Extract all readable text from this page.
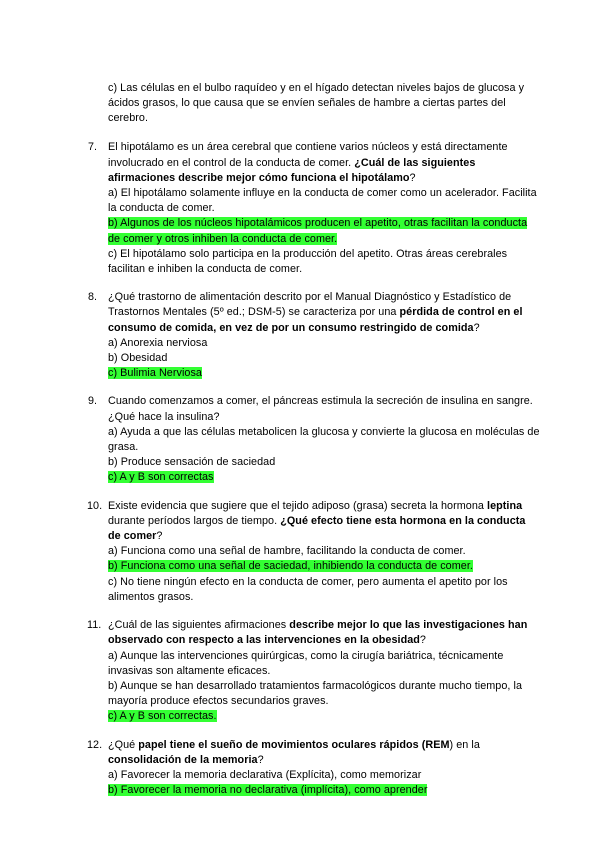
c) Las células en el bulbo raquídeo y en el hígado detectan niveles bajos de glucosa y ácidos grasos, lo que causa que se envíen señales de hambre a ciertas partes del cerebro.

7. El hipotálamo es un área cerebral que contiene varios núcleos y está directamente involucrado en el control de la conducta de comer. ¿Cuál de las siguientes afirmaciones describe mejor cómo funciona el hipotálamo?

a) El hipotálamo solamente influye en la conducta de comer como un acelerador. Facilita la conducta de comer.

b) Algunos de los núcleos hipotalámicos producen el apetito, otras facilitan la conducta de comer y otros inhiben la conducta de comer.

c) El hipotálamo solo participa en la producción del apetito. Otras áreas cerebrales facilitan e inhiben la conducta de comer.

8. ¿Qué trastorno de alimentación descrito por el Manual Diagnóstico y Estadístico de Trastornos Mentales (5º ed.; DSM-5) se caracteriza por una pérdida de control en el consumo de comida, en vez de por un consumo restringido de comida?

a) Anorexia nerviosa

b) Obesidad

c) Bulimia Nerviosa

9. Cuando comenzamos a comer, el páncreas estimula la secreción de insulina en sangre. ¿Qué hace la insulina?

a) Ayuda a que las células metabolicen la glucosa y convierte la glucosa en moléculas de grasa.

b) Produce sensación de saciedad

c) A y B son correctas

10. Existe evidencia que sugiere que el tejido adiposo (grasa) secreta la hormona leptina durante períodos largos de tiempo. ¿Qué efecto tiene esta hormona en la conducta de comer?

a) Funciona como una señal de hambre, facilitando la conducta de comer.

b) Funciona como una señal de saciedad, inhibiendo la conducta de comer.

c) No tiene ningún efecto en la conducta de comer, pero aumenta el apetito por los alimentos grasos.

11. ¿Cuál de las siguientes afirmaciones describe mejor lo que las investigaciones han observado con respecto a las intervenciones en la obesidad?

a) Aunque las intervenciones quirúrgicas, como la cirugía bariátrica, técnicamente invasivas son altamente eficaces.

b) Aunque se han desarrollado tratamientos farmacológicos durante mucho tiempo, la mayoría produce efectos secundarios graves.

c) A y B son correctas.

12. ¿Qué papel tiene el sueño de movimientos oculares rápidos (REM) en la consolidación de la memoria?

a) Favorecer la memoria declarativa (Explícita), como memorizar

b) Favorecer la memoria no declarativa (implícita), como aprender
